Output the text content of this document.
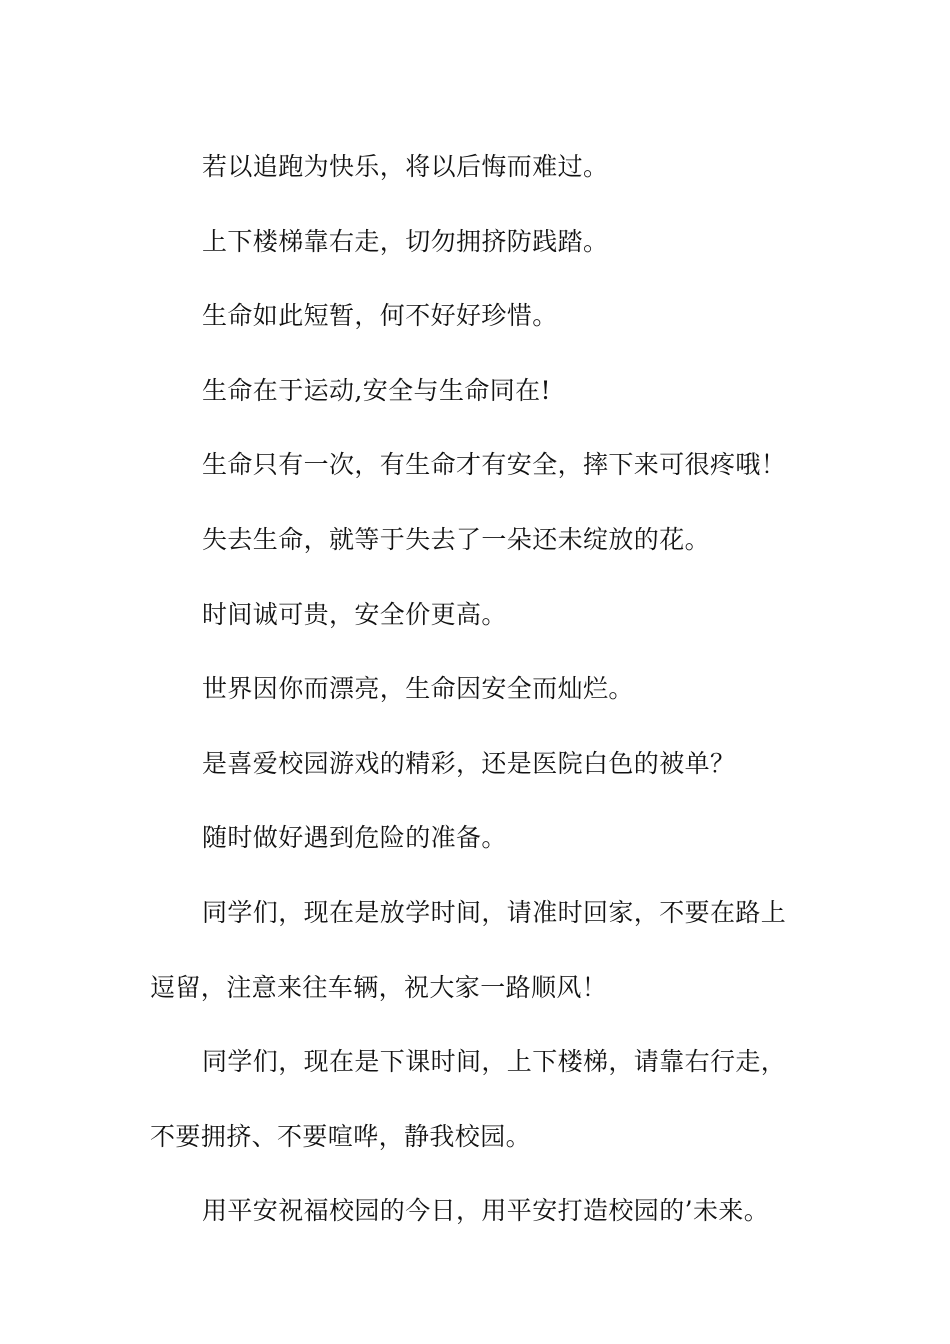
若以追跑为快乐，将以后悔而难过。

上下楼梯靠右走，切勿拥挤防践踏。

生命如此短暂，何不好好珍惜。

生命在于运动,安全与生命同在!

生命只有一次，有生命才有安全，摔下来可很疼哦！

失去生命，就等于失去了一朵还未绽放的花。

时间诚可贵，安全价更高。

世界因你而漂亮，生命因安全而灿烂。

是喜爱校园游戏的精彩，还是医院白色的被单？

随时做好遇到危险的准备。

同学们，现在是放学时间，请准时回家，不要在路上逗留，注意来往车辆，祝大家一路顺风！

同学们，现在是下课时间，上下楼梯，请靠右行走，不要拥挤、不要喧哗，静我校园。

用平安祝福校园的今日，用平安打造校园的’未来。
